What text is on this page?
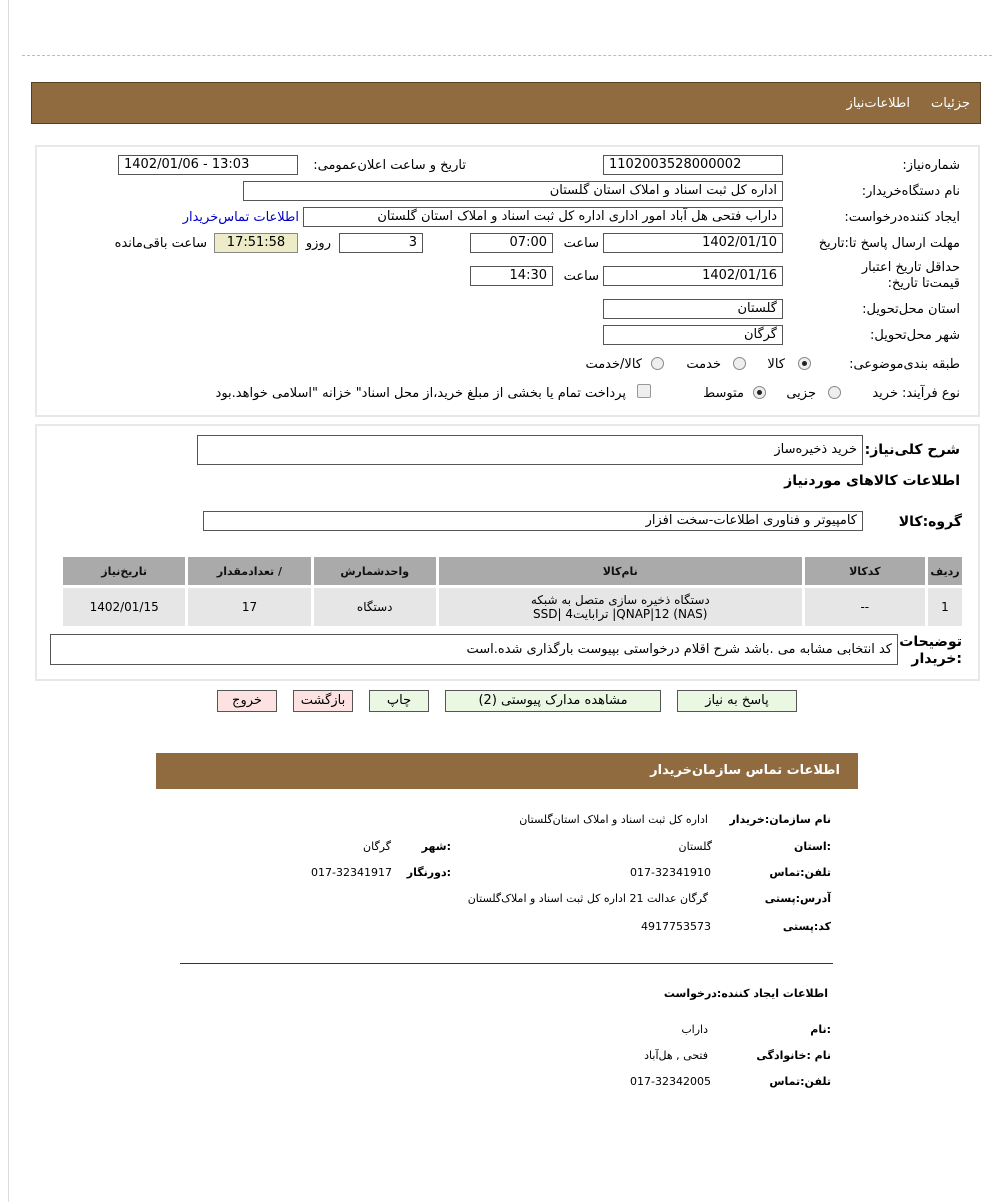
جزئیات
اطلاعات‌نیاز
شماره‌نیاز:
1102003528000002
تاریخ و ساعت اعلان‌عمومی:
1402/01/06 - 13:03
نام دستگاه‌خریدار:
اداره کل ثبت اسناد و املاک استان گلستان
ایجاد کننده‌درخواست:
داراب فتحی هل آباد امور اداری اداره کل ثبت اسناد و املاک استان گلستان
اطلاعات تماس‌خریدار
مهلت ارسال پاسخ تا:تاریخ
1402/01/10
ساعت
07:00
3
روزو
17:51:58
ساعت باقی‌مانده
حداقل تاریخ اعتبار قیمت‌تا تاریخ:
1402/01/16
ساعت
14:30
استان محل‌تحویل:
گلستان
شهر محل‌تحویل:
گرگان
طبقه بندی‌موضوعی:
کالا
خدمت
کالا/خدمت
نوع فرآیند:
خرید
جزیی
متوسط
پرداخت تمام یا بخشی از مبلغ خرید،از محل اسناد" خزانه "اسلامی خواهد.بود
شرح کلی‌نیاز:
خرید ذخیره‌ساز
اطلاعات کالاهای موردنیاز
گروه:کالا
کامپیوتر و فناوری اطلاعات-سخت افزار
ردیف	کدکالا	نام‌کالا	واحدشمارش	/ تعدادمقدار	تاریخ‌نیاز
1	--	دستگاه ذخیره سازی متصل به شبکه
(NAS) QNAP|12| ترابایت4 |SSD	دستگاه	17	1402/01/15
توضیحات :خریدار
کد انتخابی مشابه می .باشد شرح اقلام درخواستی بپیوست بارگذاری شده.است
پاسخ به نیاز
مشاهده مدارک پیوستی (2)
چاپ
بازگشت
خروج
اطلاعات تماس سازمان‌خریدار
نام سازمان:خریدار
اداره کل ثبت اسناد و املاک استان‌گلستان
:استان
گلستان
:شهر
گرگان
تلفن:تماس
017-32341910
:دورنگار
017-32341917
آدرس:پستی
گرگان عدالت 21 اداره کل ثبت اسناد و املاک‌گلستان
کد:پستی
4917753573
اطلاعات ایجاد کننده:درخواست
:نام
داراب
نام :خانوادگی
فتحی , هل‌آباد
تلفن:تماس
017-32342005
